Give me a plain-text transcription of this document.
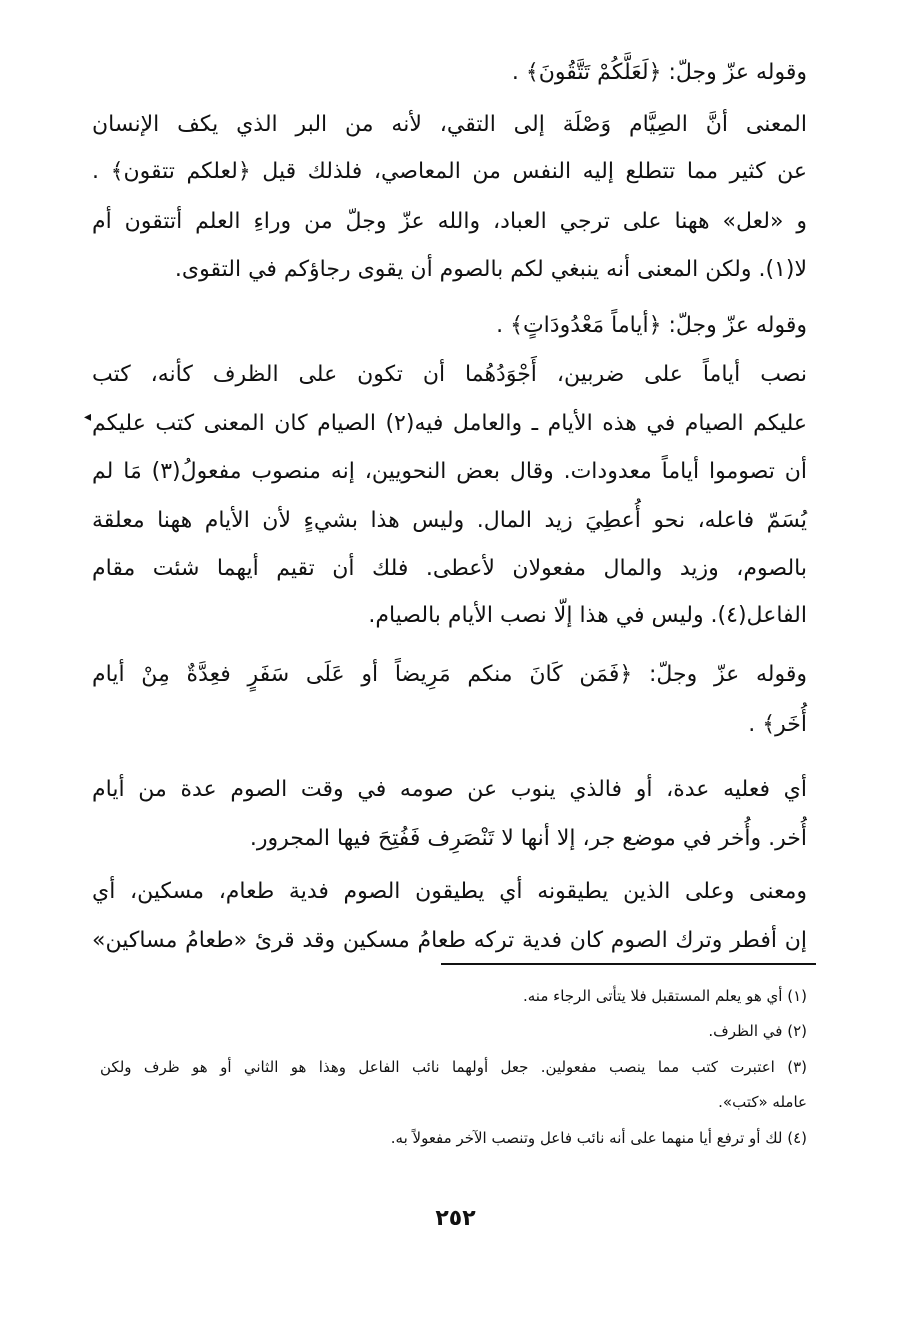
وقوله عزّ وجلّ: ﴿لَعَلَّكُمْ تَتَّقُونَ﴾ .
المعنى أنَّ الصِيَّام وَصْلَة إلى التقي، لأنه من البر الذي يكف الإنسان
عن كثير مما تتطلع إليه النفس من المعاصي، فلذلك قيل ﴿لعلكم تتقون﴾ .
و «لعل» ههنا على ترجي العباد، والله عزّ وجلّ من وراءِ العلم أتتقون أم
لا(١). ولكن المعنى أنه ينبغي لكم بالصوم أن يقوى رجاؤكم في التقوى.
وقوله عزّ وجلّ: ﴿أياماً مَعْدُودَاتٍ﴾ .
نصب أياماً على ضربين، أَجْوَدُهُما أن تكون على الظرف كأنه، كتب
عليكم الصيام في هذه الأيام ـ والعامل فيه(٢) الصيام كان المعنى كتب عليكم
◂
أن تصوموا أياماً معدودات. وقال بعض النحويين، إنه منصوب مفعولُ(٣) مَا لم
يُسَمّ فاعله، نحو أُعطِيَ زيد المال. وليس هذا بشيءٍ لأن الأيام ههنا معلقة
بالصوم، وزيد والمال مفعولان لأعطى. فلك أن تقيم أيهما شئت مقام
الفاعل(٤). وليس في هذا إلّا نصب الأيام بالصيام.
وقوله عزّ وجلّ: ﴿فَمَن كَانَ منكم مَرِيضاً أو عَلَى سَفَرٍ فعِدَّةٌ مِنْ أيام
أُخَر﴾ .
أي فعليه عدة، أو فالذي ينوب عن صومه في وقت الصوم عدة من أيام
أُخر. وأُخر في موضع جر، إلا أنها لا تَنْصَرِف فَفُتِحَ فيها المجرور.
ومعنى وعلى الذين يطيقونه أي يطيقون الصوم فدية طعام، مسكين، أي
إن أفطر وترك الصوم كان فدية تركه طعامُ مسكين وقد قرئ «طعامُ مساكين»
(١) أي هو يعلم المستقبل فلا يتأتى الرجاء منه.
(٢) في الظرف.
(٣) اعتبرت كتب مما ينصب مفعولين. جعل أولهما نائب الفاعل وهذا هو الثاني أو هو ظرف ولكن
عامله «كتب».
(٤) لك أو ترفع أيا منهما على أنه نائب فاعل وتنصب الآخر مفعولاً به.
٢٥٢
